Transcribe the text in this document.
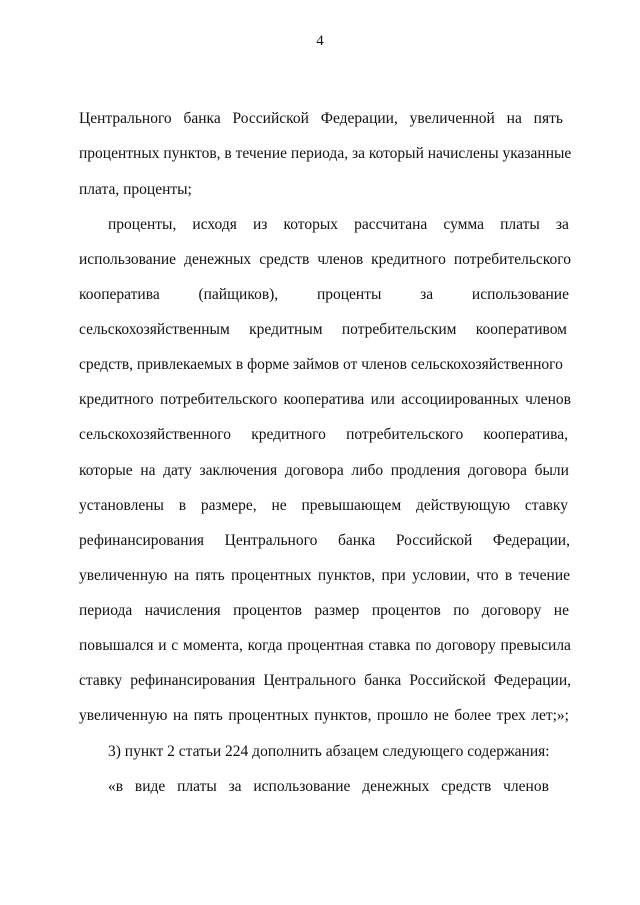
4
Центрального банка Российской Федерации, увеличенной на пять
процентных пунктов, в течение периода, за который начислены указанные
плата, проценты;
проценты, исходя из которых рассчитана сумма платы за
использование денежных средств членов кредитного потребительского
кооператива	(пайщиков),	проценты	за	использование
сельскохозяйственным кредитным потребительским кооперативом
средств, привлекаемых в форме займов от членов сельскохозяйственного
кредитного потребительского кооператива или ассоциированных членов
сельскохозяйственного кредитного потребительского кооператива,
которые на дату заключения договора либо продления договора были
установлены в размере, не превышающем действующую ставку
рефинансирования Центрального банка Российской Федерации,
увеличенную на пять процентных пунктов, при условии, что в течение
периода начисления процентов размер процентов по договору не
повышался и с момента, когда процентная ставка по договору превысила
ставку рефинансирования Центрального банка Российской Федерации,
увеличенную на пять процентных пунктов, прошло не более трех лет;»;
3) пункт 2 статьи 224 дополнить абзацем следующего содержания:
«в виде платы за использование денежных средств членов
